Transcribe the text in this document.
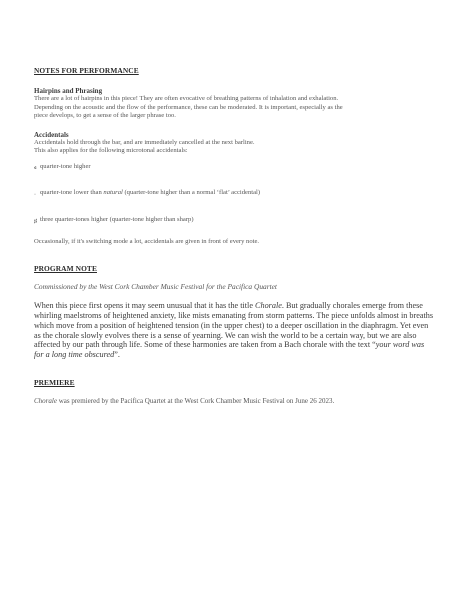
NOTES FOR PERFORMANCE

Hairpins and Phrasing

There are a lot of hairpins in this piece! They are often evocative of breathing patterns of inhalation and exhalation.

Depending on the acoustic and the flow of the performance, these can be moderated. It is important, especially as the

piece develops, to get a sense of the larger phrase too.

Accidentals

Accidentals hold through the bar, and are immediately cancelled at the next barline.

This also applies for the following microtonal accidentals:

𝄴 quarter-tone higher
· quarter-tone lower than natural (quarter-tone higher than a normal ‘flat’ accidental)
♯ three quarter-tones higher (quarter-tone higher than sharp)

Occasionally, if it's switching mode a lot, accidentals are given in front of every note.

PROGRAM NOTE

Commissioned by the West Cork Chamber Music Festival for the Pacifica Quartet

When this piece first opens it may seem unusual that it has the title Chorale. But gradually chorales emerge from these whirling maelstroms of heightened anxiety, like mists emanating from storm patterns. The piece unfolds almost in breaths which move from a position of heightened tension (in the upper chest) to a deeper oscillation in the diaphragm. Yet even as the chorale slowly evolves there is a sense of yearning. We can wish the world to be a certain way, but we are also affected by our path through life. Some of these harmonies are taken from a Bach chorale with the text “your word was for a long time obscured”.

PREMIERE

Chorale was premiered by the Pacifica Quartet at the West Cork Chamber Music Festival on June 26 2023.
